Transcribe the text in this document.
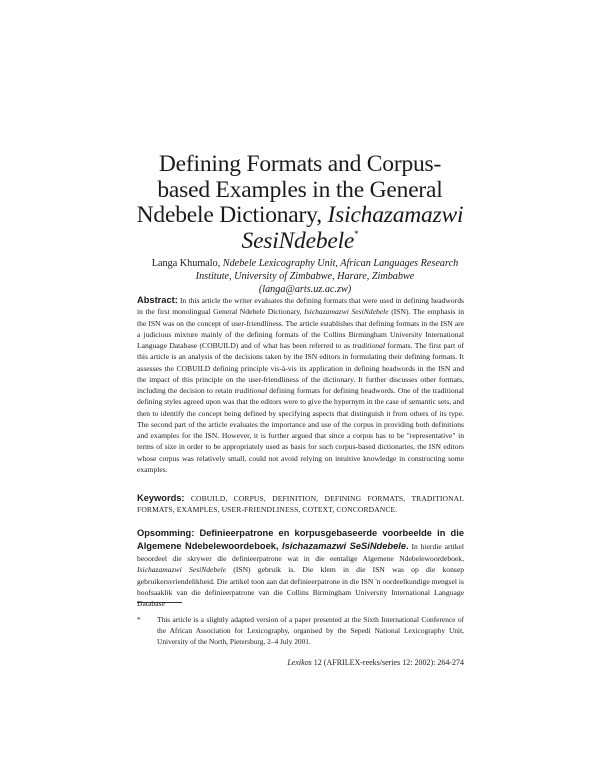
Defining Formats and Corpus-
based Examples in the General
Ndebele Dictionary, Isichazamazwi
SesiNdebele*
Langa Khumalo, Ndebele Lexicography Unit, African Languages Research Institute, University of Zimbabwe, Harare, Zimbabwe (langa@arts.uz.ac.zw)
Abstract: In this article the writer evaluates the defining formats that were used in defining headwords in the first monolingual General Ndebele Dictionary, Isichazamazwi SesiNdebele (ISN). The emphasis in the ISN was on the concept of user-friendliness. The article establishes that defining formats in the ISN are a judicious mixture mainly of the defining formats of the Collins Birmingham University International Language Database (COBUILD) and of what has been referred to as traditional formats. The first part of this article is an analysis of the decisions taken by the ISN editors in formulating their defining formats. It assesses the COBUILD defining principle vis-à-vis its application in defining headwords in the ISN and the impact of this principle on the user-friendliness of the dictionary. It further discusses other formats, including the decision to retain traditional defining formats for defining headwords. One of the traditional defining styles agreed upon was that the editors were to give the hypernym in the case of semantic sets, and then to identify the concept being defined by specifying aspects that distinguish it from others of its type. The second part of the article evaluates the importance and use of the corpus in providing both definitions and examples for the ISN. However, it is further argued that since a corpus has to be "representative" in terms of size in order to be appropriately used as basis for such corpus-based dictionaries, the ISN editors whose corpus was relatively small, could not avoid relying on intuitive knowledge in constructing some examples.
Keywords: COBUILD, CORPUS, DEFINITION, DEFINING FORMATS, TRADITIONAL FORMATS, EXAMPLES, USER-FRIENDLINESS, COTEXT, CONCORDANCE.
Opsomming: Definieerpatrone en korpusgebaseerde voorbeelde in die Algemene Ndebelewoordeboek, Isichazamazwi SeSiNdebele. In hierdie artikel beoordeel die skrywer die definieerpatrone wat in die eentalige Algemene Ndebelewoordeboek, Isichazamazwi SesiNdebele (ISN) gebruik is. Die klem in die ISN was op die konsep gebruikersvriendelikheid. Die artikel toon aan dat definieerpatrone in die ISN 'n oordeelkundige mengsel is hoofsaaklik van die definieerpatrone van die Collins Birmingham University International Language Database
* This article is a slightly adapted version of a paper presented at the Sixth International Conference of the African Association for Lexicography, organised by the Sepedi National Lexicography Unit, University of the North, Pietersburg, 2–4 July 2001.
Lexikos 12 (AFRILEX-reeks/series 12: 2002): 264-274
